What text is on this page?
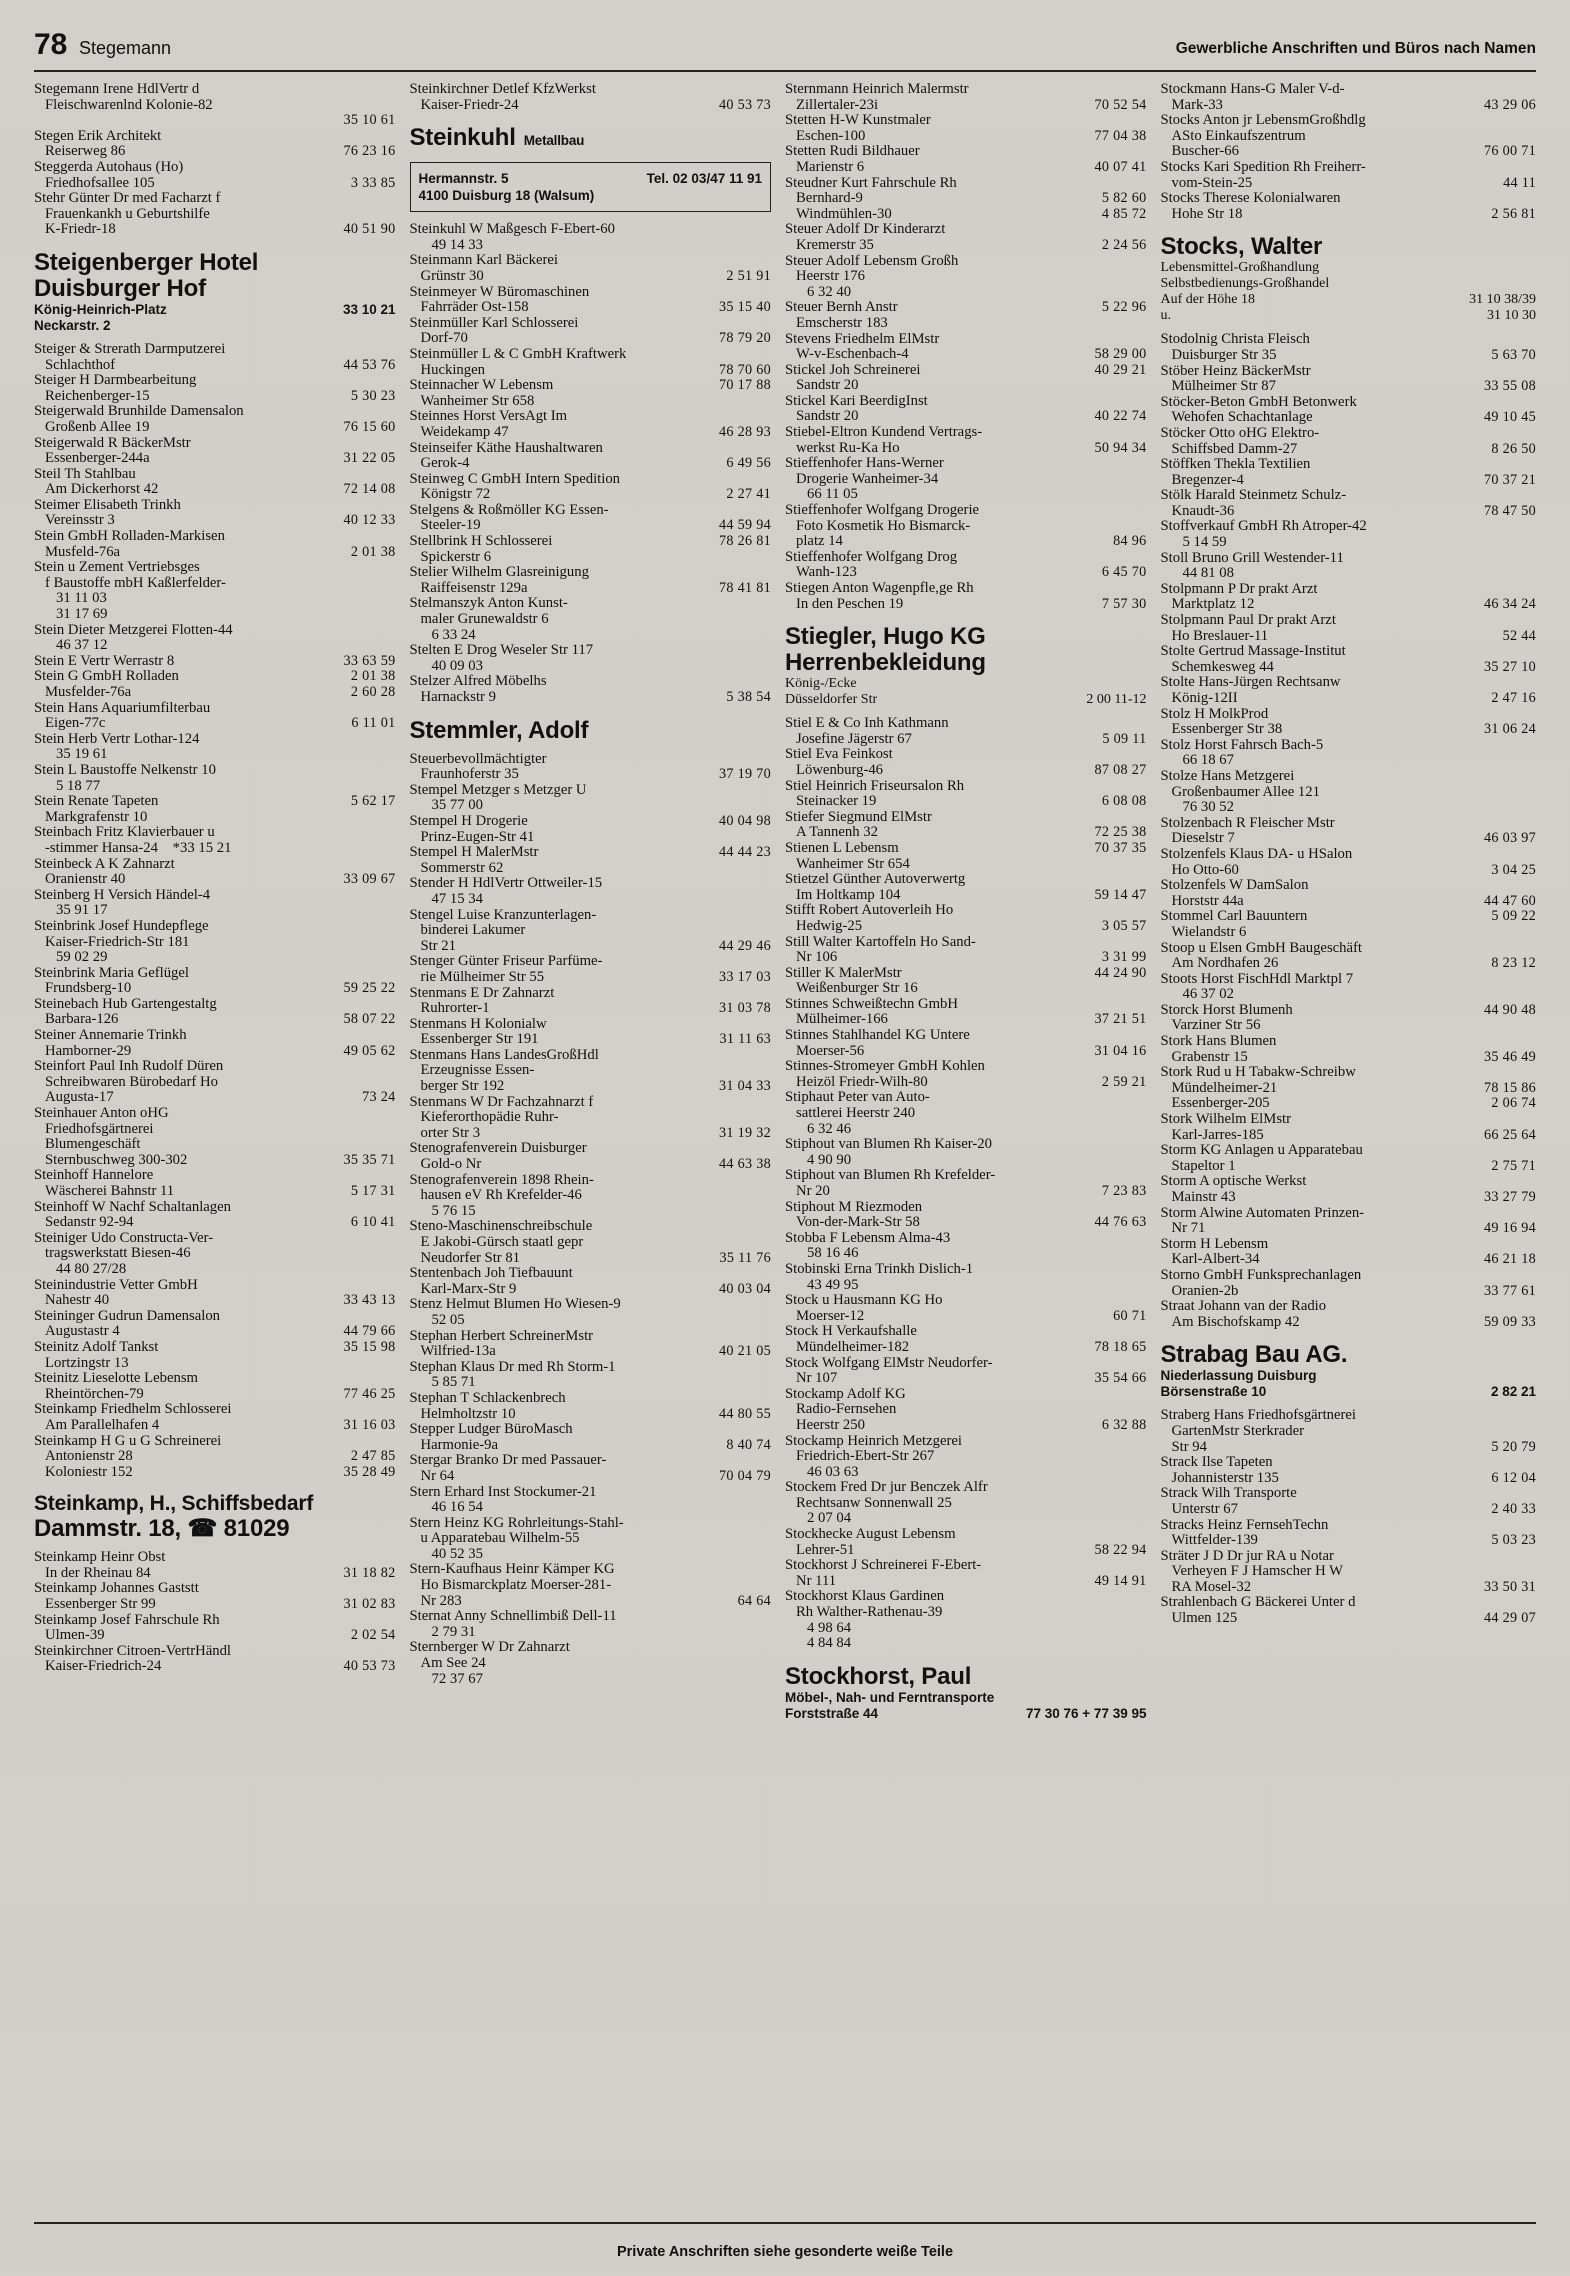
78 Stegemann	Gewerbliche Anschriften und Büros nach Namen
Stegemann Irene HdlVertr d
Fleischwarenlnd Kolonie-82
35 10 61
Stegen Erik Architekt
Reiserweg 86	76 23 16
Steggerda Autohaus (Ho)
Friedhofsallee 105	3 33 85
Stehr Günter Dr med Facharzt f
Frauenkankh u Geburtshilfe
K-Friedr-18	40 51 90
Steigenberger Hotel
Duisburger Hof
König-Heinrich-Platz	33 10 21
Neckarstr. 2
Steiger & Strerath Darmputzerei
Schlachthof	44 53 76
Steiger H Darmbearbeitung
Reichenberger-15	5 30 23
Steigerwald Brunhilde Damensalon
Großenb Allee 19	76 15 60
Steigerwald R BäckerMstr
Essenberger-244a	31 22 05
Steil Th Stahlbau
Am Dickerhorst 42	72 14 08
Steimer Elisabeth Trinkh
Vereinsstr 3	40 12 33
Stein GmbH Rolladen-Markisen
Musfeld-76a	2 01 38
Stein u Zement Vertriebsges
f Baustoffe mbH Kaßlerfelder-
31 11 03
31 17 69
Stein Dieter Metzgerei Flotten-44
46 37 12
Stein E Vertr Werrastr 8	33 63 59
Stein G GmbH Rolladen	2 01 38
Musfelder-76a	2 60 28
Stein Hans Aquariumfilterbau
Eigen-77c	6 11 01
Stein Herb Vertr Lothar-124
35 19 61
Stein L Baustoffe Nelkenstr 10
5 18 77
Stein Renate Tapeten	5 62 17
Markgrafenstr 10
Steinbach Fritz Klavierbauer u
-stimmer Hansa-24    *33 15 21
Steinbeck A K Zahnarzt
Oranienstr 40	33 09 67
Steinberg H Versich Händel-4
35 91 17
Steinbrink Josef Hundepflege
Kaiser-Friedrich-Str 181
59 02 29
Steinbrink Maria Geflügel
Frundsberg-10	59 25 22
Steinebach Hub Gartengestaltg
Barbara-126	58 07 22
Steiner Annemarie Trinkh
Hamborner-29	49 05 62
Steinfort Paul Inh Rudolf Düren
Schreibwaren Bürobedarf Ho
Augusta-17	73 24
Steinhauer Anton oHG
Friedhofsgärtnerei
Blumengeschäft
Sternbuschweg 300-302	35 35 71
Steinhoff Hannelore
Wäscherei Bahnstr 11	5 17 31
Steinhoff W Nachf Schaltanlagen
Sedanstr 92-94	6 10 41
Steiniger Udo Constructa-Ver-
tragswerkstatt Biesen-46
44 80 27/28
Steinindustrie Vetter GmbH
Nahestr 40	33 43 13
Steininger Gudrun Damensalon
Augustastr 4	44 79 66
Steinitz Adolf Tankst	35 15 98
Lortzingstr 13
Steinitz Lieselotte Lebensm
Rheintörchen-79	77 46 25
Steinkamp Friedhelm Schlosserei
Am Parallelhafen 4	31 16 03
Steinkamp H G u G Schreinerei
Antonienstr 28	2 47 85
Koloniestr 152	35 28 49
Steinkamp, H., Schiffsbedarf
Dammstr. 18, ☎ 81029
Steinkamp Heinr Obst
In der Rheinau 84	31 18 82
Steinkamp Johannes Gaststt
Essenberger Str 99	31 02 83
Steinkamp Josef Fahrschule Rh
Ulmen-39	2 02 54
Steinkirchner Citroen-VertrHändl
Kaiser-Friedrich-24	40 53 73
Steinkirchner Detlef KfzWerkst
Kaiser-Friedr-24	40 53 73
Steinkuhl Metallbau
Hermannstr. 5	Tel. 02 03/47 11 91
4100 Duisburg 18 (Walsum)
Steinkuhl W Maßgesch F-Ebert-60
49 14 33
Steinmann Karl Bäckerei
Grünstr 30	2 51 91
Steinmeyer W Büromaschinen
Fahrräder Ost-158	35 15 40
Steinmüller Karl Schlosserei
Dorf-70	78 79 20
Steinmüller L & C GmbH Kraftwerk
Huckingen	78 70 60
Steinnacher W Lebensm	70 17 88
Wanheimer Str 658
Steinnes Horst VersAgt Im
Weidekamp 47	46 28 93
Steinseifer Käthe Haushaltwaren
Gerok-4	6 49 56
Steinweg C GmbH Intern Spedition
Königstr 72	2 27 41
Stelgens & Roßmöller KG Essen-
Steeler-19	44 59 94
Stellbrink H Schlosserei	78 26 81
Spickerstr 6
Stelier Wilhelm Glasreinigung
Raiffeisenstr 129a	78 41 81
Stelmanszyk Anton Kunst-
maler Grunewaldstr 6
6 33 24
Stelten E Drog Weseler Str 117
40 09 03
Stelzer Alfred Möbelhs
Harnackstr 9	5 38 54
Stemmler, Adolf
Steuerbevollmächtigter
Fraunhoferstr 35	37 19 70
Stempel Metzger s Metzger U
35 77 00
Stempel H Drogerie	40 04 98
Prinz-Eugen-Str 41
Stempel H MalerMstr	44 44 23
Sommerstr 62
Stender H HdlVertr Ottweiler-15
47 15 34
Stengel Luise Kranzunterlagen-
binderei Lakumer
Str 21	44 29 46
Stenger Günter Friseur Parfüme-
rie Mülheimer Str 55	33 17 03
Stenmans E Dr Zahnarzt
Ruhrorter-1	31 03 78
Stenmans H Kolonialw
Essenberger Str 191	31 11 63
Stenmans Hans LandesGroßHdl
Erzeugnisse Essen-
berger Str 192	31 04 33
Stenmans W Dr Fachzahnarzt f
Kieferorthopädie Ruhr-
orter Str 3	31 19 32
Stenografenverein Duisburger
Gold-o Nr	44 63 38
Stenografenverein 1898 Rhein-
hausen eV Rh Krefelder-46
5 76 15
Steno-Maschinenschreibschule
E Jakobi-Gürsch staatl gepr
Neudorfer Str 81	35 11 76
Stentenbach Joh Tiefbauunt
Karl-Marx-Str 9	40 03 04
Stenz Helmut Blumen Ho Wiesen-9
52 05
Stephan Herbert SchreinerMstr
Wilfried-13a	40 21 05
Stephan Klaus Dr med Rh Storm-1
5 85 71
Stephan T Schlackenbrech
Helmholtzstr 10	44 80 55
Stepper Ludger BüroMasch
Harmonie-9a	8 40 74
Stergar Branko Dr med Passauer-
Nr 64	70 04 79
Stern Erhard Inst Stockumer-21
46 16 54
Stern Heinz KG Rohrleitungs-Stahl-
u Apparatebau Wilhelm-55
40 52 35
Stern-Kaufhaus Heinr Kämper KG
Ho Bismarckplatz Moerser-281-
Nr 283	64 64
Sternat Anny Schnellimbiß Dell-11
2 79 31
Sternberger W Dr Zahnarzt
Am See 24
72 37 67
Sternmann Heinrich Malermstr
Zillertaler-23i	70 52 54
Stetten H-W Kunstmaler
Eschen-100	77 04 38
Stetten Rudi Bildhauer
Marienstr 6	40 07 41
Steudner Kurt Fahrschule Rh
Bernhard-9	5 82 60
Windmühlen-30	4 85 72
Steuer Adolf Dr Kinderarzt
Kremerstr 35	2 24 56
Steuer Adolf Lebensm Großh
Heerstr 176
6 32 40
Steuer Bernh Anstr	5 22 96
Emscherstr 183
Stevens Friedhelm ElMstr
W-v-Eschenbach-4	58 29 00
Stickel Joh Schreinerei	40 29 21
Sandstr 20
Stickel Kari BeerdigInst
Sandstr 20	40 22 74
Stiebel-Eltron Kundend Vertrags-
werkst Ru-Ka Ho	50 94 34
Stieffenhofer Hans-Werner
Drogerie Wanheimer-34
66 11 05
Stieffenhofer Wolfgang Drogerie
Foto Kosmetik Ho Bismarck-
platz 14	84 96
Stieffenhofer Wolfgang Drog
Wanh-123	6 45 70
Stiegen Anton Wagenpfle,ge Rh
In den Peschen 19	7 57 30
Stiegler, Hugo KG
Herrenbekleidung
König-/Ecke
Düsseldorfer Str	2 00 11-12
Stiel E & Co Inh Kathmann
Josefine Jägerstr 67	5 09 11
Stiel Eva Feinkost
Löwenburg-46	87 08 27
Stiel Heinrich Friseursalon Rh
Steinacker 19	6 08 08
Stiefer Siegmund ElMstr
A Tannenh 32	72 25 38
Stienen L Lebensm	70 37 35
Wanheimer Str 654
Stietzel Günther Autoverwertg
Im Holtkamp 104	59 14 47
Stifft Robert Autoverleih Ho
Hedwig-25	3 05 57
Still Walter Kartoffeln Ho Sand-
Nr 106	3 31 99
Stiller K MalerMstr	44 24 90
Weißenburger Str 16
Stinnes Schweißtechn GmbH
Mülheimer-166	37 21 51
Stinnes Stahlhandel KG Untere
Moerser-56	31 04 16
Stinnes-Stromeyer GmbH Kohlen
Heizöl Friedr-Wilh-80	2 59 21
Stiphaut Peter van Auto-
sattlerei Heerstr 240
6 32 46
Stiphout van Blumen Rh Kaiser-20
4 90 90
Stiphout van Blumen Rh Krefelder-
Nr 20	7 23 83
Stiphout M Riezmoden
Von-der-Mark-Str 58	44 76 63
Stobba F Lebensm Alma-43
58 16 46
Stobinski Erna Trinkh Dislich-1
43 49 95
Stock u Hausmann KG Ho
Moerser-12	60 71
Stock H Verkaufshalle
Mündelheimer-182	78 18 65
Stock Wolfgang ElMstr Neudorfer-
Nr 107	35 54 66
Stockamp Adolf KG
Radio-Fernsehen
Heerstr 250	6 32 88
Stockamp Heinrich Metzgerei
Friedrich-Ebert-Str 267
46 03 63
Stockem Fred Dr jur Benczek Alfr
Rechtsanw Sonnenwall 25
2 07 04
Stockhecke August Lebensm
Lehrer-51	58 22 94
Stockhorst J Schreinerei F-Ebert-
Nr 111	49 14 91
Stockhorst Klaus Gardinen
Rh Walther-Rathenau-39
4 98 64
4 84 84
Stockhorst, Paul
Möbel-, Nah- und Ferntransporte
Forststraße 44	77 30 76 + 77 39 95
Stockmann Hans-G Maler V-d-
Mark-33	43 29 06
Stocks Anton jr LebensmGroßhdlg
ASto Einkaufszentrum
Buscher-66	76 00 71
Stocks Kari Spedition Rh Freiherr-
vom-Stein-25	44 11
Stocks Therese Kolonialwaren
Hohe Str 18	2 56 81
Stocks, Walter
Lebensmittel-Großhandlung
Selbstbedienungs-Großhandel
Auf der Höhe 18	31 10 38/39
u.	31 10 30
Stodolnig Christa Fleisch
Duisburger Str 35	5 63 70
Stöber Heinz BäckerMstr
Mülheimer Str 87	33 55 08
Stöcker-Beton GmbH Betonwerk
Wehofen Schachtanlage	49 10 45
Stöcker Otto oHG Elektro-
Schiffsbed Damm-27	8 26 50
Stöffken Thekla Textilien
Bregenzer-4	70 37 21
Stölk Harald Steinmetz Schulz-
Knaudt-36	78 47 50
Stoffverkauf GmbH Rh Atroper-42
5 14 59
Stoll Bruno Grill Westender-11
44 81 08
Stolpmann P Dr prakt Arzt
Marktplatz 12	46 34 24
Stolpmann Paul Dr prakt Arzt
Ho Breslauer-11	52 44
Stolte Gertrud Massage-Institut
Schemkesweg 44	35 27 10
Stolte Hans-Jürgen Rechtsanw
König-12II	2 47 16
Stolz H MolkProd
Essenberger Str 38	31 06 24
Stolz Horst Fahrsch Bach-5
66 18 67
Stolze Hans Metzgerei
Großenbaumer Allee 121
76 30 52
Stolzenbach R Fleischer Mstr
Dieselstr 7	46 03 97
Stolzenfels Klaus DA- u HSalon
Ho Otto-60	3 04 25
Stolzenfels W DamSalon
Horststr 44a	44 47 60
Stommel Carl Bauuntern	5 09 22
Wielandstr 6
Stoop u Elsen GmbH Baugeschäft
Am Nordhafen 26	8 23 12
Stoots Horst FischHdl Marktpl 7
46 37 02
Storck Horst Blumenh	44 90 48
Varziner Str 56
Stork Hans Blumen
Grabenstr 15	35 46 49
Stork Rud u H Tabakw-Schreibw
Mündelheimer-21	78 15 86
Essenberger-205	2 06 74
Stork Wilhelm ElMstr
Karl-Jarres-185	66 25 64
Storm KG Anlagen u Apparatebau
Stapeltor 1	2 75 71
Storm A optische Werkst
Mainstr 43	33 27 79
Storm Alwine Automaten Prinzen-
Nr 71	49 16 94
Storm H Lebensm
Karl-Albert-34	46 21 18
Storno GmbH Funksprechanlagen
Oranien-2b	33 77 61
Straat Johann van der Radio
Am Bischofskamp 42	59 09 33
Strabag Bau AG.
Niederlassung Duisburg
Börsenstraße 10	2 82 21
Straberg Hans Friedhofsgärtnerei
GartenMstr Sterkrader
Str 94	5 20 79
Strack Ilse Tapeten
Johannisterstr 135	6 12 04
Strack Wilh Transporte
Unterstr 67	2 40 33
Stracks Heinz FernsehTechn
Wittfelder-139	5 03 23
Sträter J D Dr jur RA u Notar
Verheyen F J Hamscher H W
RA Mosel-32	33 50 31
Strahlenbach G Bäckerei Unter d
Ulmen 125	44 29 07
Private Anschriften siehe gesonderte weiße Teile
